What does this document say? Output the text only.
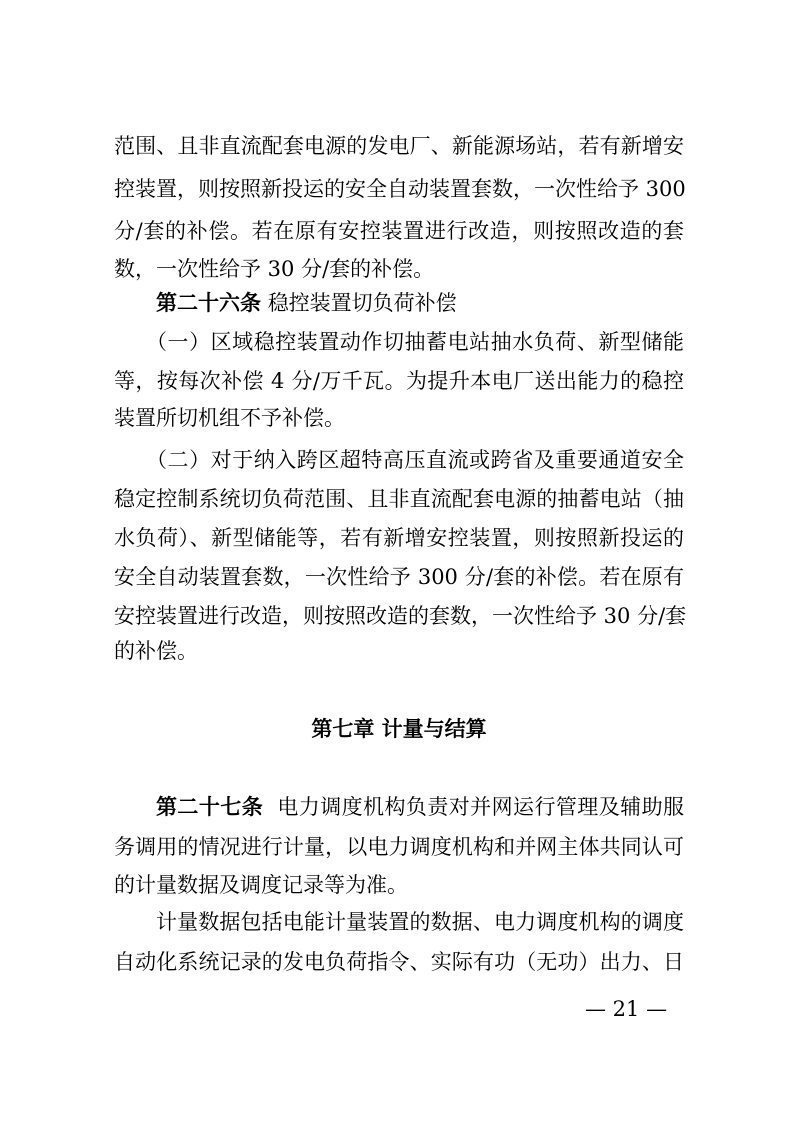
范围、且非直流配套电源的发电厂、新能源场站，若有新增安
控装置，则按照新投运的安全自动装置套数，一次性给予 300
分/套的补偿。若在原有安控装置进行改造，则按照改造的套
数，一次性给予 30 分/套的补偿。
第二十六条 稳控装置切负荷补偿
（一）区域稳控装置动作切抽蓄电站抽水负荷、新型储能
等，按每次补偿 4 分/万千瓦。为提升本电厂送出能力的稳控
装置所切机组不予补偿。
（二）对于纳入跨区超特高压直流或跨省及重要通道安全
稳定控制系统切负荷范围、且非直流配套电源的抽蓄电站（抽
水负荷）、新型储能等，若有新增安控装置，则按照新投运的
安全自动装置套数，一次性给予 300 分/套的补偿。若在原有
安控装置进行改造，则按照改造的套数，一次性给予 30 分/套
的补偿。
第七章 计量与结算
第二十七条 电力调度机构负责对并网运行管理及辅助服
务调用的情况进行计量，以电力调度机构和并网主体共同认可
的计量数据及调度记录等为准。
计量数据包括电能计量装置的数据、电力调度机构的调度
自动化系统记录的发电负荷指令、实际有功（无功）出力、日
— 21 —
